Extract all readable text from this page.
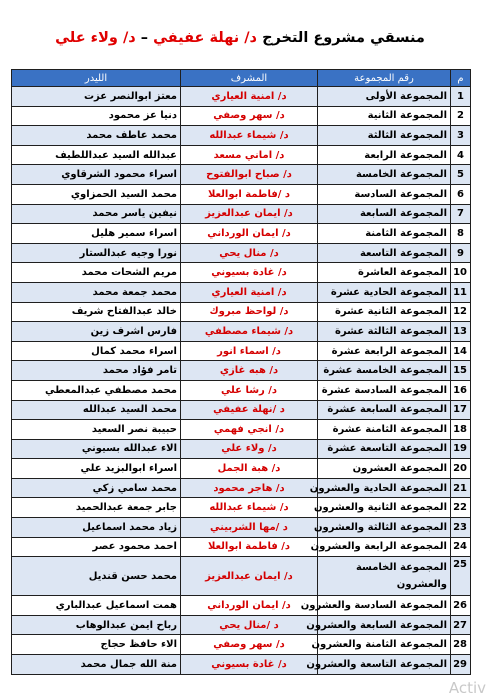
منسقي مشروع التخرج د/ نهلة عفيفي – د/ ولاء علي
م	رقم المجموعة	المشرف	الليدر
1	المجموعة الأولى	د/ امنية العياري	معتز ابوالنصر عزت
2	المجموعة الثانية	د/ سهر وصفي	دنيا عز محمود
3	المجموعة الثالثة	د/ شيماء عبدالله	محمد عاطف محمد
4	المجموعة الرابعة	د/ اماني مسعد	عبدالله السيد عبداللطيف
5	المجموعة الخامسة	د/ صباح ابوالفتوح	اسراء محمود الشرقاوي
6	المجموعة السادسة	د /فاطمة ابوالعلا	محمد السيد الحمزاوي
7	المجموعة السابعة	د/ ايمان عبدالعزيز	نيفين ياسر محمد
8	المجموعة الثامنة	د/ ايمان الورداني	اسراء سمير هليل
9	المجموعة التاسعة	د/ منال يحي	نورا وجيه عبدالستار
10	المجموعة العاشرة	د/ غادة بسيوني	مريم الشحات محمد
11	المجموعة الحادية عشرة	د/ امنية العياري	محمد جمعة محمد
12	المجموعة الثانية عشرة	د/ لواحظ مبروك	خالد عبدالفتاح شريف
13	المجموعة الثالثة عشرة	د/ شيماء مصطفي	فارس اشرف زين
14	المجموعة الرابعة عشرة	د/ اسماء انور	اسراء محمد كمال
15	المجموعة الخامسة عشرة	د/ هبه غازي	تامر فؤاد محمد
16	المجموعة السادسة عشرة	د/ رشا علي	محمد مصطفي عبدالمعطي
17	المجموعة السابعة عشرة	د /نهلة عفيفي	محمد السيد عبدالله
18	المجموعة الثامنة عشرة	د/ انجي فهمي	حبيبة نصر السعيد
19	المجموعة التاسعة عشرة	د/ ولاء علي	الاء عبدالله بسيوني
20	المجموعة العشرون	د/ هبة الجمل	اسراء ابوالبزيد علي
21	المجموعة الحادية والعشرون	د/ هاجر محمود	محمد سامي زكي
22	المجموعة الثانية والعشرون	د/ شيماء عبدالله	جابر جمعة عبدالحميد
23	المجموعة الثالثة والعشرون	د /مها الشربيني	زياد محمد اسماعيل
24	المجموعة الرابعة والعشرون	د/ فاطمة ابوالعلا	احمد محمود عصر
25	المجموعة الخامسة والعشرون	د/ ايمان عبدالعزيز	محمد حسن قنديل
26	المجموعة السادسة والعشرون	د/ ايمان الورداني	همت اسماعيل عبدالباري
27	المجموعة السابعة والعشرون	د /منال يحي	رباح ايمن عبدالوهاب
28	المجموعة الثامنة والعشرون	د/ سهر وصفي	الاء حافظ حجاج
29	المجموعة التاسعة والعشرون	د/ غادة بسيوني	منة الله جمال محمد
Activ
